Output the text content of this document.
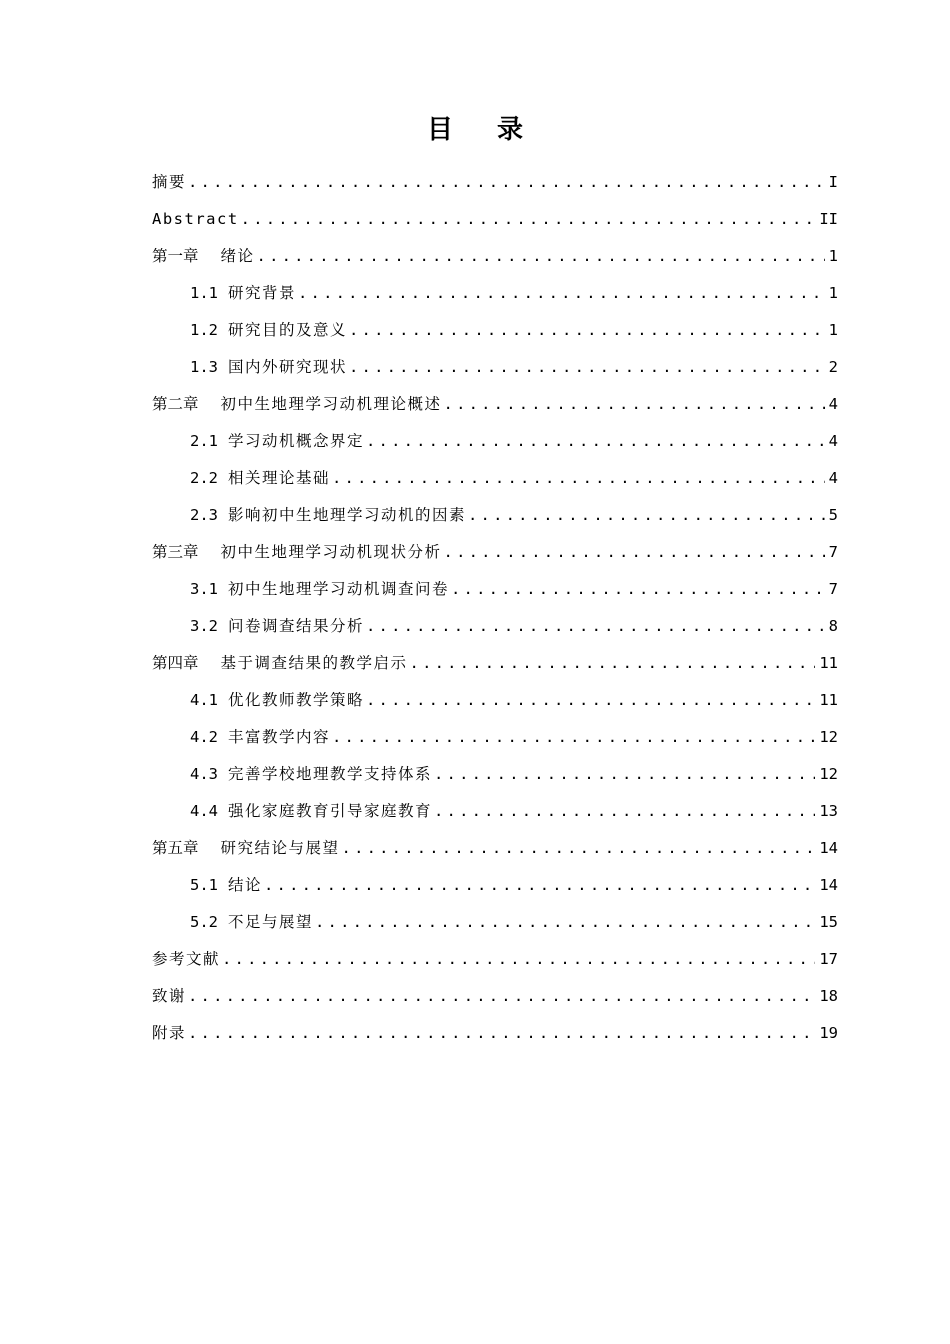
目 录
摘要 .....	I
Abstract .....	II
第一章 绪论 .....	1
1.1 研究背景 .....	1
1.2 研究目的及意义 .....	1
1.3 国内外研究现状 .....	2
第二章 初中生地理学习动机理论概述 .....	4
2.1 学习动机概念界定 .....	4
2.2 相关理论基础 .....	4
2.3 影响初中生地理学习动机的因素 .....	5
第三章 初中生地理学习动机现状分析 .....	7
3.1 初中生地理学习动机调查问卷 .....	7
3.2 问卷调查结果分析 .....	8
第四章 基于调查结果的教学启示 .....	11
4.1 优化教师教学策略 .....	11
4.2 丰富教学内容 .....	12
4.3 完善学校地理教学支持体系 .....	12
4.4 强化家庭教育引导家庭教育 .....	13
第五章 研究结论与展望 .....	14
5.1 结论 .....	14
5.2 不足与展望 .....	15
参考文献 .....	17
致谢 .....	18
附录 .....	19
